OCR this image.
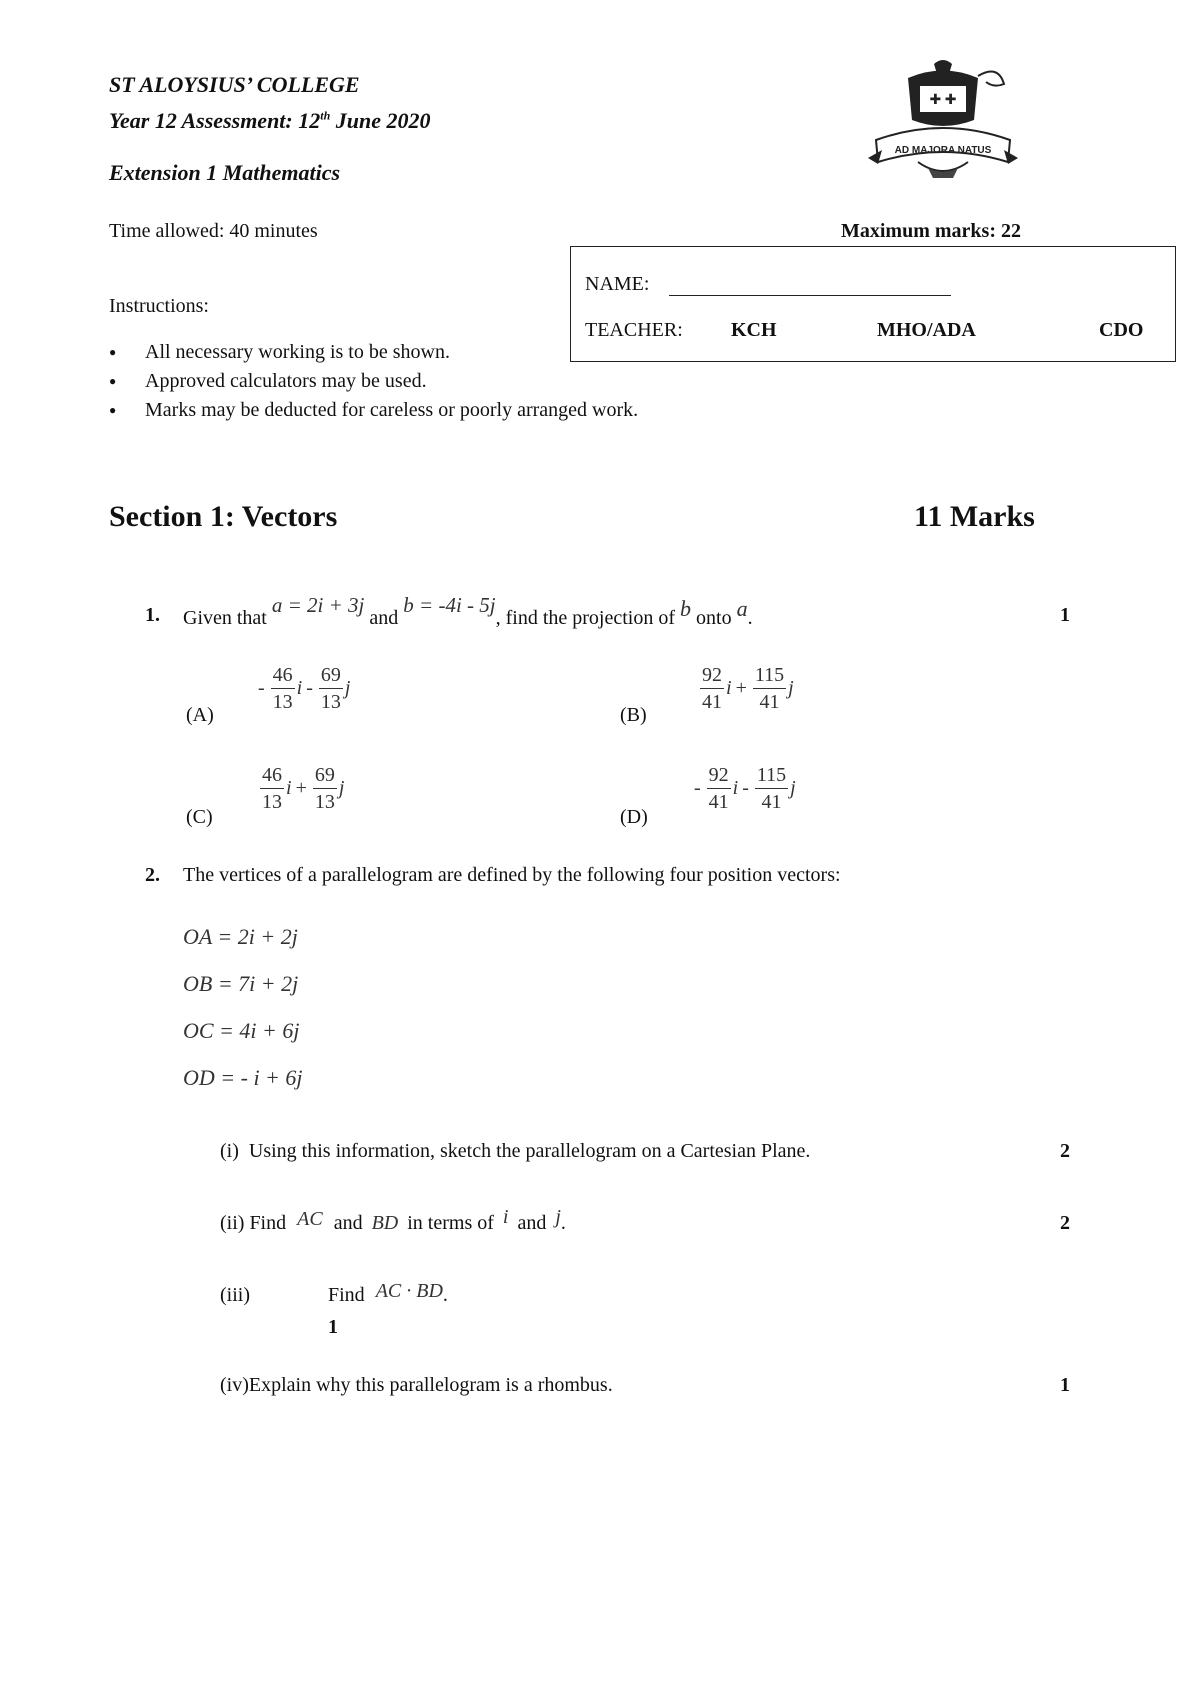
ST ALOYSIUS’ COLLEGE
Year 12 Assessment: 12th June 2020
Extension 1 Mathematics
✚ ✚
AD MAJORA NATUS
Time allowed: 40 minutes	Maximum marks: 22
NAME:
TEACHER: KCH	MHO/ADA	CDO
Instructions:
● All necessary working is to be shown.
● Approved calculators may be used.
● Marks may be deducted for careless or poorly arranged work.
Section 1: Vectors	11 Marks
1. Given that a = 2i + 3j and b = -4i - 5j, find the projection of b onto a.	1
(A)
- $\frac{46}{13}$ i - $\frac{69}{13}$ j
(B)	$\frac{92}{41}$ $i + \frac{115}{41}$ j
(C)
$\frac{46}{13}$ $i + \frac{69}{13}$ j
(D)
- $\frac{92}{41}$ i - $\frac{115}{41}$ j
2. The vertices of a parallelogram are defined by the following four position vectors:
OA = 2i + 2j
OB = 7i + 2j
OC = 4i + 6j
OD = - i + 6j
(i) Using this information, sketch the parallelogram on a Cartesian Plane.	2
(ii) Find AC and BD in terms of i and j.	2
(iii)	Find AC · BD.
1
(iv)Explain why this parallelogram is a rhombus.	1
